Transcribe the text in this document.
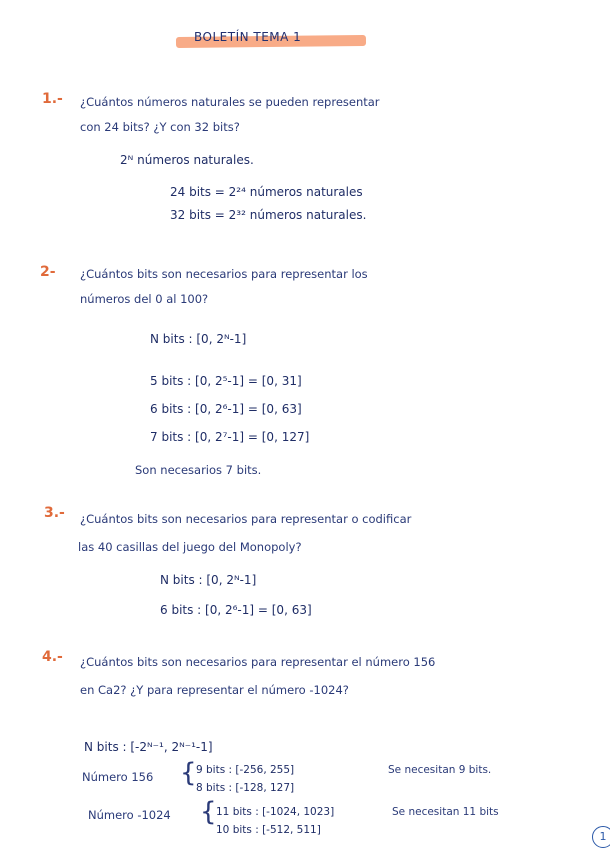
BOLETÍN TEMA 1
1.- ¿Cuántos números naturales se pueden representar
con 24 bits? ¿Y con 32 bits?
2ᴺ números naturales.
24 bits = 2²⁴ números naturales
32 bits = 2³² números naturales.
2- ¿Cuántos bits son necesarios para representar los
números del 0 al 100?
N bits : [0, 2ᴺ-1]
5 bits : [0, 2⁵-1] = [0, 31]
6 bits : [0, 2⁶-1] = [0, 63]
7 bits : [0, 2⁷-1] = [0, 127]
Son necesarios 7 bits.
3.- ¿Cuántos bits son necesarios para representar o codificar
las 40 casillas del juego del Monopoly?
N bits : [0, 2ᴺ-1]
6 bits : [0, 2⁶-1] = [0, 63]
4.- ¿Cuántos bits son necesarios para representar el número 156
en Ca2? ¿Y para representar el número -1024?
N bits : [-2ᴺ⁻¹, 2ᴺ⁻¹-1]
Número 156 { 9 bits : [-256, 255]
8 bits : [-128, 127]
Se necesitan 9 bits.
Número -1024 { 11 bits : [-1024, 1023]	Se necesitan 11 bits
10 bits : [-512, 511]	1
